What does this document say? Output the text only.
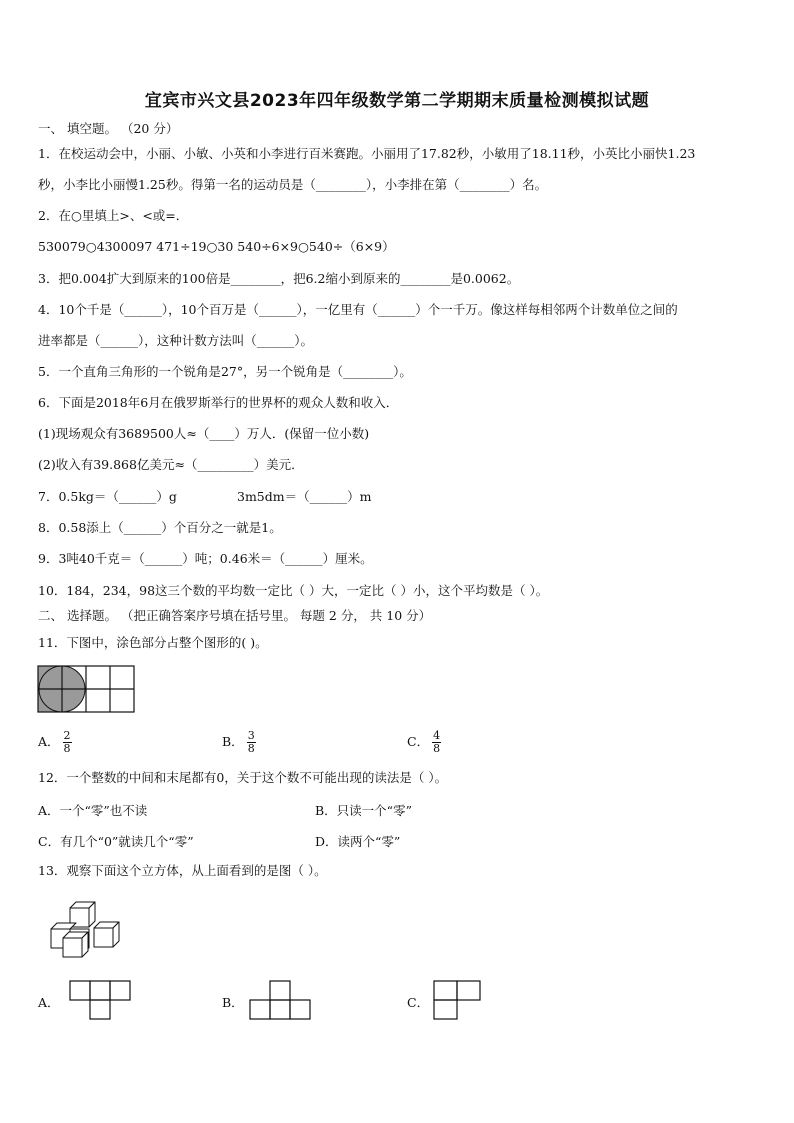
宜宾市兴文县2023年四年级数学第二学期期末质量检测模拟试题
一、 填空题。 （20 分）
1．在校运动会中，小丽、小敏、小英和小李进行百米赛跑。小丽用了17.82秒，小敏用了18.11秒，小英比小丽快1.23
秒，小李比小丽慢1.25秒。得第一名的运动员是（________），小李排在第（________）名。
2．在○里填上>、<或=．
530079○4300097 471÷19○30 540÷6×9○540÷（6×9）
3．把0.004扩大到原来的100倍是________，把6.2缩小到原来的________是0.0062。
4．10个千是（______），10个百万是（______），一亿里有（______）个一千万。像这样每相邻两个计数单位之间的
进率都是（______），这种计数方法叫（______）。
5．一个直角三角形的一个锐角是27°，另一个锐角是（________）。
6．下面是2018年6月在俄罗斯举行的世界杯的观众人数和收入．
(1)现场观众有3689500人≈（____）万人．(保留一位小数)
(2)收入有39.868亿美元≈（_________）美元．
7．0.5kg＝（______）g	3m5dm＝（______）m
8．0.58添上（______）个百分之一就是1。
9．3吨40千克＝（______）吨；0.46米＝（______）厘米。
10．184，234，98这三个数的平均数一定比（ ）大，一定比（ ）小，这个平均数是（ ）。
二、 选择题。 （把正确答案序号填在括号里。 每题 2 分， 共 10 分）
11．下图中，涂色部分占整个图形的( )。
A． $\frac{2}{8}$	B． $\frac{3}{8}$	C． $\frac{4}{8}$
12．一个整数的中间和末尾都有0，关于这个数不可能出现的读法是（ ）。
A．一个“零”也不读	B．只读一个“零”
C．有几个“0”就读几个“零”	D．读两个“零”
13．观察下面这个立方体，从上面看到的是图（ ）。
A．	B．	C．
